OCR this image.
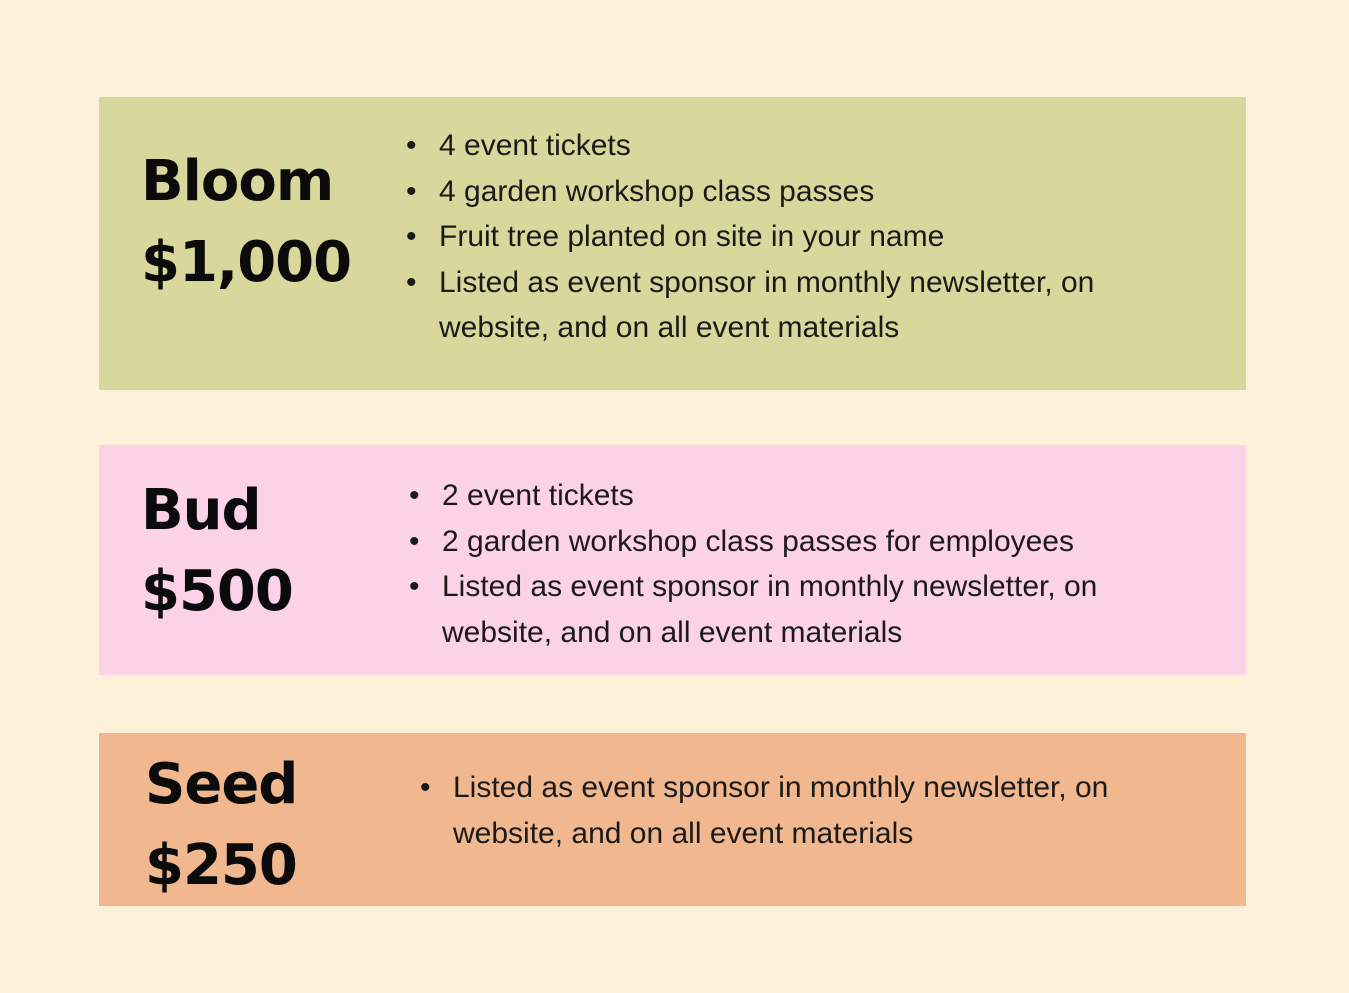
Bloom
$1,000
• 4 event tickets
• 4 garden workshop class passes
• Fruit tree planted on site in your name
• Listed as event sponsor in monthly newsletter, on website, and on all event materials
Bud
$500
• 2 event tickets
• 2 garden workshop class passes for employees
• Listed as event sponsor in monthly newsletter, on website, and on all event materials
Seed
$250
• Listed as event sponsor in monthly newsletter, on website, and on all event materials
